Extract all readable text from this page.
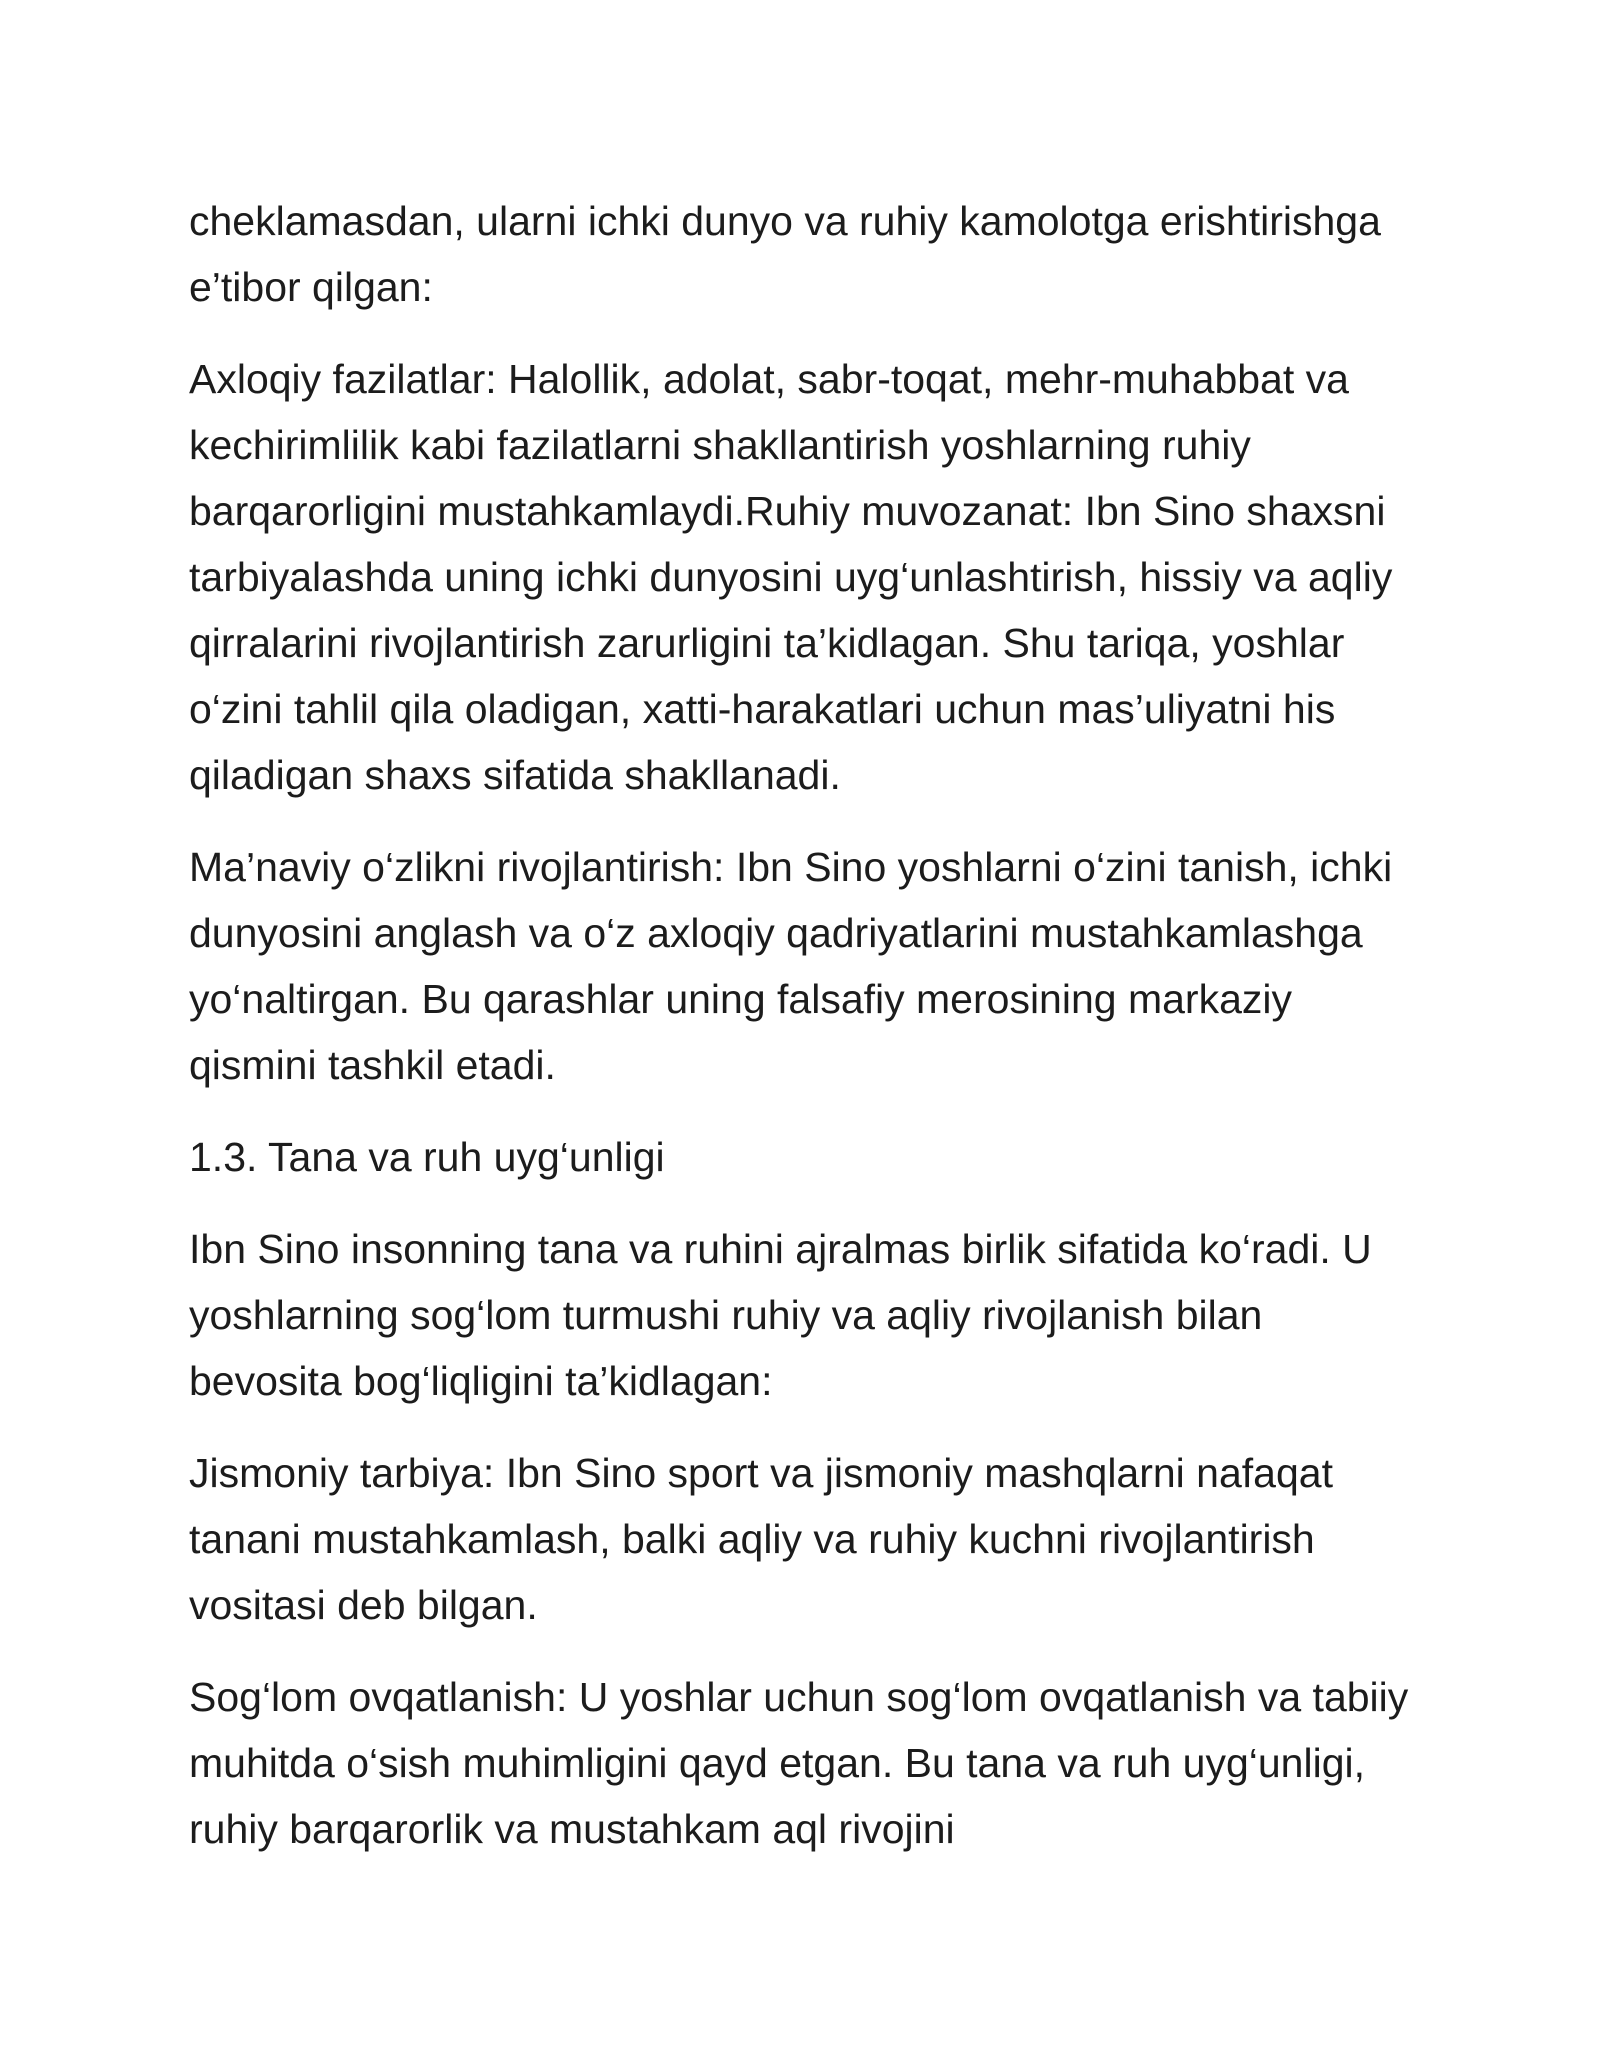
cheklamasdan, ularni ichki dunyo va ruhiy kamolotga erishtirishga e’tibor qilgan:

Axloqiy fazilatlar: Halollik, adolat, sabr-toqat, mehr-muhabbat va kechirimlilik kabi fazilatlarni shakllantirish yoshlarning ruhiy barqarorligini mustahkamlaydi.Ruhiy muvozanat: Ibn Sino shaxsni tarbiyalashda uning ichki dunyosini uyg‘unlashtirish, hissiy va aqliy qirralarini rivojlantirish zarurligini ta’kidlagan. Shu tariqa, yoshlar o‘zini tahlil qila oladigan, xatti-harakatlari uchun mas’uliyatni his qiladigan shaxs sifatida shakllanadi.

Ma’naviy o‘zlikni rivojlantirish: Ibn Sino yoshlarni o‘zini tanish, ichki dunyosini anglash va o‘z axloqiy qadriyatlarini mustahkamlashga yo‘naltirgan. Bu qarashlar uning falsafiy merosining markaziy qismini tashkil etadi.

1.3. Tana va ruh uyg‘unligi

Ibn Sino insonning tana va ruhini ajralmas birlik sifatida ko‘radi. U yoshlarning sog‘lom turmushi ruhiy va aqliy rivojlanish bilan bevosita bog‘liqligini ta’kidlagan:

Jismoniy tarbiya: Ibn Sino sport va jismoniy mashqlarni nafaqat tanani mustahkamlash, balki aqliy va ruhiy kuchni rivojlantirish vositasi deb bilgan.

Sog‘lom ovqatlanish: U yoshlar uchun sog‘lom ovqatlanish va tabiiy muhitda o‘sish muhimligini qayd etgan. Bu tana va ruh uyg‘unligi, ruhiy barqarorlik va mustahkam aql rivojini
